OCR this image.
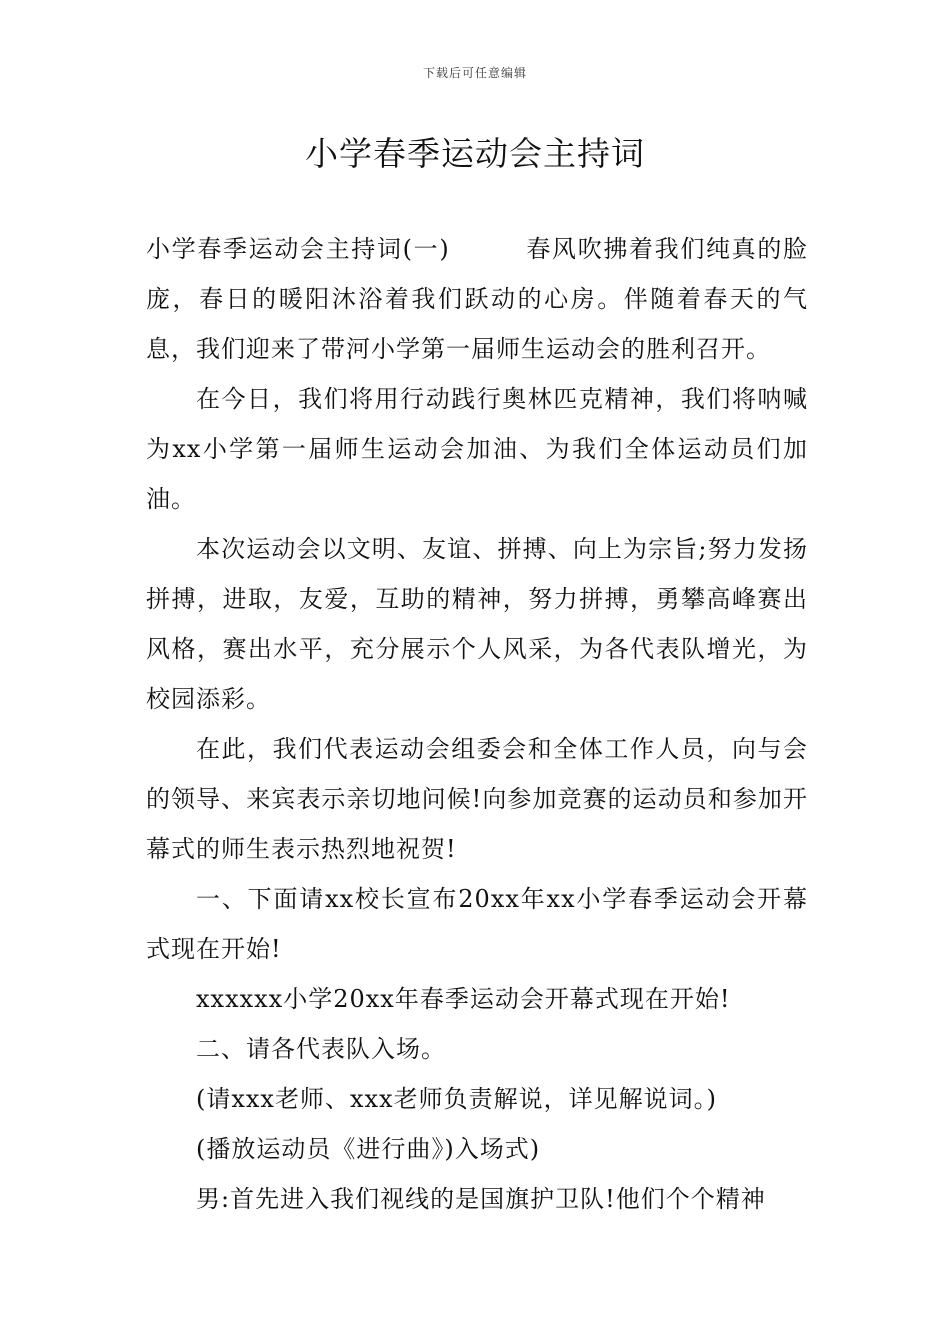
下载后可任意编辑
小学春季运动会主持词

小学春季运动会主持词(一)	春风吹拂着我们纯真的脸庞，春日的暖阳沐浴着我们跃动的心房。伴随着春天的气息，我们迎来了带河小学第一届师生运动会的胜利召开。

在今日，我们将用行动践行奥林匹克精神，我们将呐喊为xx小学第一届师生运动会加油、为我们全体运动员们加油。

本次运动会以文明、友谊、拼搏、向上为宗旨;努力发扬拼搏，进取，友爱，互助的精神，努力拼搏，勇攀高峰赛出风格，赛出水平，充分展示个人风采，为各代表队增光，为校园添彩。

在此，我们代表运动会组委会和全体工作人员，向与会的领导、来宾表示亲切地问候!向参加竞赛的运动员和参加开幕式的师生表示热烈地祝贺!

一、下面请xx校长宣布20xx年xx小学春季运动会开幕式现在开始!

xxxxxx小学20xx年春季运动会开幕式现在开始!

二、请各代表队入场。

(请xxx老师、xxx老师负责解说，详见解说词。)

(播放运动员《进行曲》)入场式)

男:首先进入我们视线的是国旗护卫队!他们个个精神
